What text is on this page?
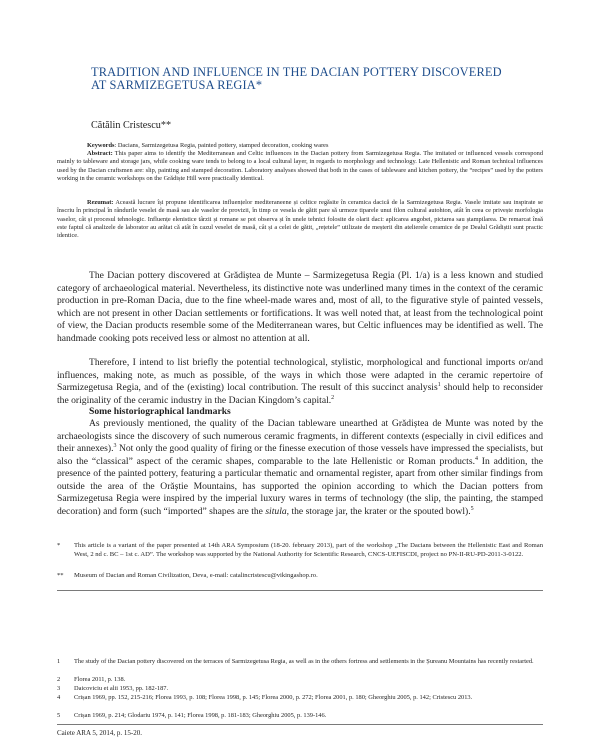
TRADITION AND INFLUENCE IN THE DACIAN POTTERY DISCOVERED AT SARMIZEGETUSA REGIA*
Cătălin Cristescu**
Keywords: Dacians, Sarmizegetusa Regia, painted pottery, stamped decoration, cooking wares
Abstract: This paper aims to identify the Mediterranean and Celtic influences in the Dacian pottery from Sarmizegetusa Regia. The imitated or influenced vessels correspond mainly to tableware and storage jars, while cooking ware tends to belong to a local cultural layer, in regards to morphology and technology. Late Hellenistic and Roman technical influences used by the Dacian craftsmen are: slip, painting and stamped decoration. Laboratory analyses showed that both in the cases of tableware and kitchen pottery, the “recipes” used by the potters working in the ceramic workshops on the Grădiște Hill were practically identical.
Rezumat: Această lucrare își propune identificarea influențelor mediteraneene și celtice regăsite în ceramica dacică de la Sarmizegetusa Regia. Vasele imitate sau inspirate se înscriu în principal în rândurile veselei de masă sau ale vaselor de provizii, în timp ce vesela de gătit pare să urmeze tiparele unui filon cultural autohton, atât în ceea ce privește morfologia vaselor, cât și procesul tehnologic. Influențe elenistice târzii și romane se pot observa și în unele tehnici folosite de olarii daci: aplicarea angobei, pictarea sau ștampilarea. De remarcat însă este faptul că analizele de laborator au arătat că atât în cazul veselei de masă, cât și a celei de gătit, „rețetele” utilizate de meșterii din atelierele ceramice de pe Dealul Grădiștii sunt practic identice.

The Dacian pottery discovered at Grădiștea de Munte – Sarmizegetusa Regia (Pl. 1/a) is a less known and studied category of archaeological material. Nevertheless, its distinctive note was underlined many times in the context of the ceramic production in pre-Roman Dacia, due to the fine wheel-made wares and, most of all, to the figurative style of painted vessels, which are not present in other Dacian settlements or fortifications. It was well noted that, at least from the technological point of view, the Dacian products resemble some of the Mediterranean wares, but Celtic influences may be identified as well. The handmade cooking pots received less or almost no attention at all.

Therefore, I intend to list briefly the potential technological, stylistic, morphological and functional imports or/and influences, making note, as much as possible, of the ways in which those were adapted in the ceramic repertoire of Sarmizegetusa Regia, and of the (existing) local contribution. The result of this succinct analysis$^1$ should help to reconsider the originality of the ceramic industry in the Dacian Kingdom’s capital.$^2$

Some historiographical landmarks

As previously mentioned, the quality of the Dacian tableware unearthed at Grădiștea de Munte was noted by the archaeologists since the discovery of such numerous ceramic fragments, in different contexts (especially in civil edifices and their annexes).$^3$ Not only the good quality of firing or the finesse execution of those vessels have impressed the specialists, but also the “classical” aspect of the ceramic shapes, comparable to the late Hellenistic or Roman products.$^4$ In addition, the presence of the painted pottery, featuring a particular thematic and ornamental register, apart from other similar findings from outside the area of the Orăștie Mountains, has supported the opinion according to which the Dacian potters from Sarmizegetusa Regia were inspired by the imperial luxury wares in terms of technology (the slip, the painting, the stamped decoration) and form (such “imported” shapes are the situla, the storage jar, the krater or the spouted bowl).$^5$

* This article is a variant of the paper presented at 14th ARA Symposium (18-20. february 2013), part of the workshop „The Dacians between the Hellenistic East and Roman West, 2 nd c. BC – 1st c. AD”. The workshop was supported by the National Authority for Scientific Research, CNCS-UEFISCDI, project no PN-II-RU-PD-2011-3-0122.
** Museum of Dacian and Roman Civilization, Deva, e-mail: catalincristescu@vikingashop.ro.
1 The study of the Dacian pottery discovered on the terraces of Sarmizegetusa Regia, as well as in the others fortress and settlements in the Șureanu Mountains has recently restarted.
2 Florea 2011, p. 138.
3 Daicoviciu et alii 1953, pp. 182-187.
4 Crișan 1969, pp. 152, 215-216; Florea 1993, p. 108; Florea 1998, p. 145; Florea 2000, p. 272; Florea 2001, p. 180; Gheorghiu 2005, p. 142; Cristescu 2013.
5 Crișan 1969, p. 214; Glodariu 1974, p. 141; Florea 1998, p. 181-183; Gheorghiu 2005, p. 139-146.
Caiete ARA 5, 2014, p. 15-20.
